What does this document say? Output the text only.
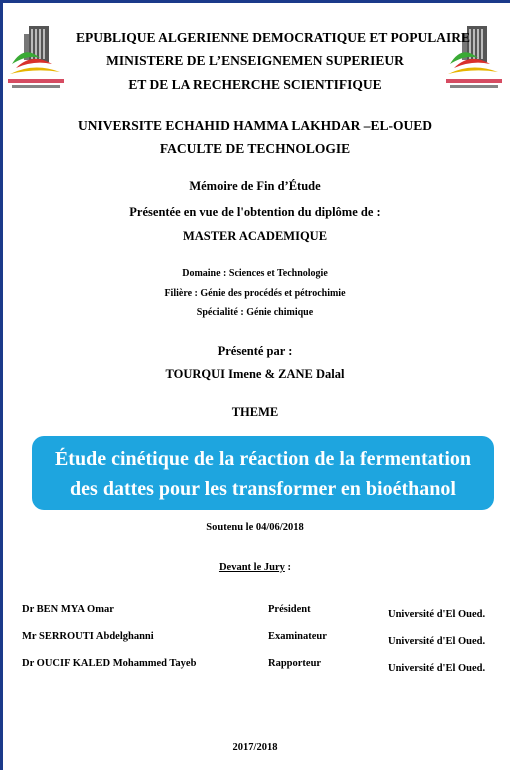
EPUBLIQUE ALGERIENNE DEMOCRATIQUE ET POPULAIRE
MINISTERE DE L’ENSEIGNEMEN SUPERIEUR
ET DE LA RECHERCHE SCIENTIFIQUE
UNIVERSITE ECHAHID HAMMA LAKHDAR –EL-OUED
FACULTE DE TECHNOLOGIE
Mémoire de Fin d’Étude
Présentée en vue de l'obtention du diplôme de :
MASTER ACADEMIQUE
Domaine : Sciences et Technologie
Filière : Génie des procédés et pétrochimie
Spécialité : Génie chimique
Présenté par :
TOURQUI Imene & ZANE Dalal
THEME
Étude cinétique de la réaction de la fermentation
des dattes pour les transformer en bioéthanol
Soutenu le 04/06/2018
Devant le Jury :
Dr BEN MYA Omar	Président	Université d'El Oued.
Mr SERROUTI Abdelghanni	Examinateur	Université d'El Oued.
Dr OUCIF KALED Mohammed Tayeb	Rapporteur	Université d'El Oued.
2017/2018
